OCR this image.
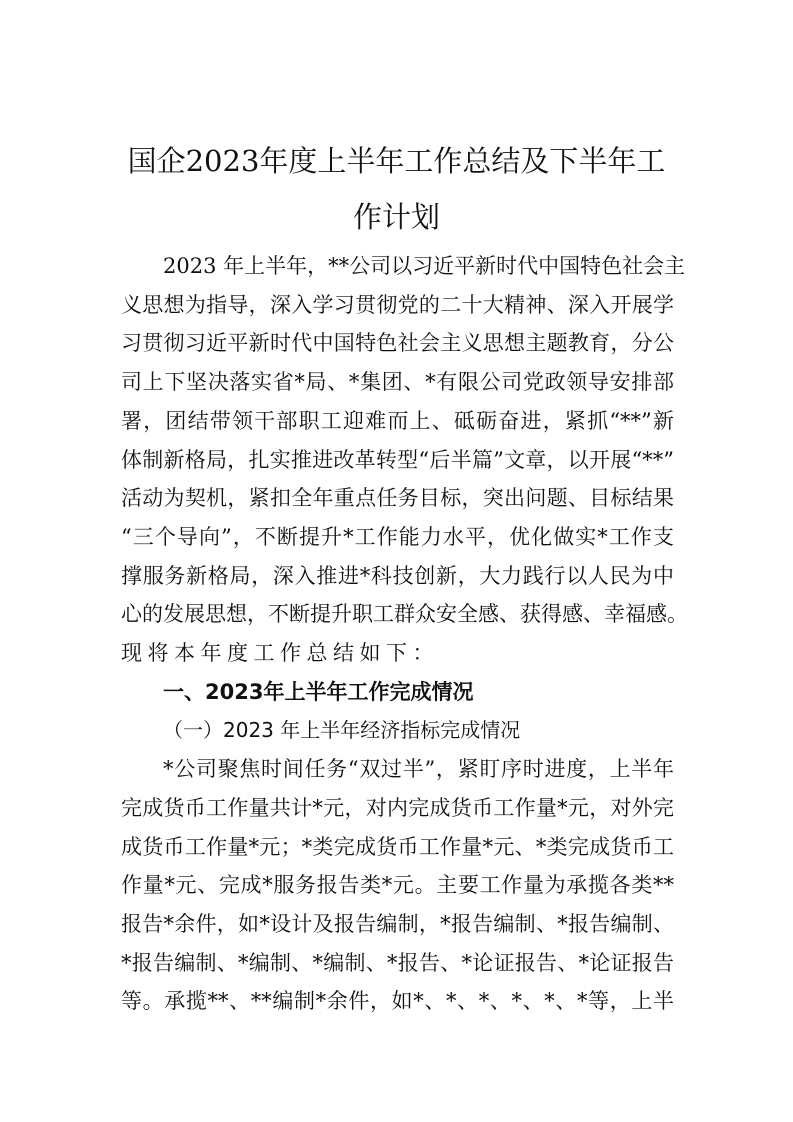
国企2023年度上半年工作总结及下半年工
作计划
2023 年上半年，**公司以习近平新时代中国特色社会主
义思想为指导，深入学习贯彻党的二十大精神、深入开展学
习贯彻习近平新时代中国特色社会主义思想主题教育，分公
司上下坚决落实省*局、*集团、*有限公司党政领导安排部
署，团结带领干部职工迎难而上、砥砺奋进，紧抓“**”新
体制新格局，扎实推进改革转型“后半篇”文章，以开展“**”
活动为契机，紧扣全年重点任务目标，突出问题、目标结果
“三个导向”，不断提升*工作能力水平，优化做实*工作支
撑服务新格局，深入推进*科技创新，大力践行以人民为中
心的发展思想，不断提升职工群众安全感、获得感、幸福感。
现将本年度工作总结如下：
一、2023年上半年工作完成情况
（一）2023 年上半年经济指标完成情况
*公司聚焦时间任务“双过半”，紧盯序时进度，上半年
完成货币工作量共计*元，对内完成货币工作量*元，对外完
成货币工作量*元；*类完成货币工作量*元、*类完成货币工
作量*元、完成*服务报告类*元。主要工作量为承揽各类**
报告*余件，如*设计及报告编制，*报告编制、*报告编制、
*报告编制、*编制、*编制、*报告、*论证报告、*论证报告
等。承揽**、**编制*余件，如*、*、*、*、*、*等，上半
